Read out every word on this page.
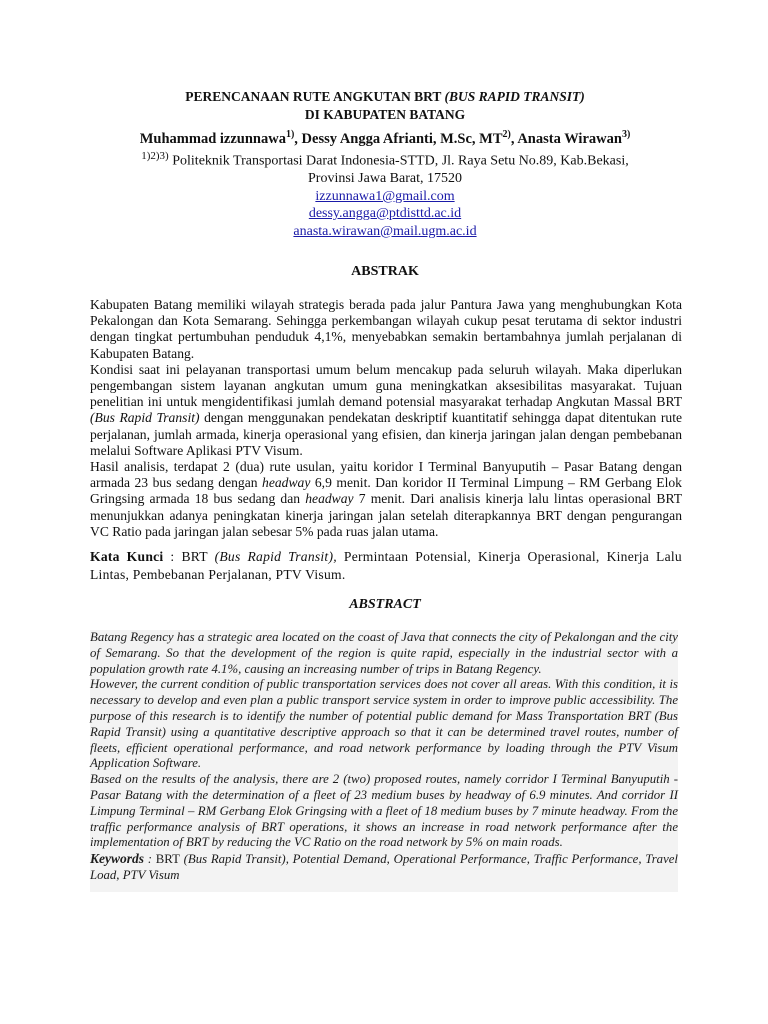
PERENCANAAN RUTE ANGKUTAN BRT (BUS RAPID TRANSIT)
DI KABUPATEN BATANG
Muhammad izzunnawa$^{1)}$, Dessy Angga Afrianti, M.Sc, MT$^{2)}$, Anasta Wirawan$^{3)}$
$^{1)2)3)}$ Politeknik Transportasi Darat Indonesia-STTD, Jl. Raya Setu No.89, Kab.Bekasi,
Provinsi Jawa Barat, 17520
izzunnawa1@gmail.com
dessy.angga@ptdisttd.ac.id
anasta.wirawan@mail.ugm.ac.id
ABSTRAK

Kabupaten Batang memiliki wilayah strategis berada pada jalur Pantura Jawa yang menghubungkan Kota Pekalongan dan Kota Semarang. Sehingga perkembangan wilayah cukup pesat terutama di sektor industri dengan tingkat pertumbuhan penduduk 4,1%, menyebabkan semakin bertambahnya jumlah perjalanan di Kabupaten Batang.

Kondisi saat ini pelayanan transportasi umum belum mencakup pada seluruh wilayah. Maka diperlukan pengembangan sistem layanan angkutan umum guna meningkatkan aksesibilitas masyarakat. Tujuan penelitian ini untuk mengidentifikasi jumlah demand potensial masyarakat terhadap Angkutan Massal BRT (Bus Rapid Transit) dengan menggunakan pendekatan deskriptif kuantitatif sehingga dapat ditentukan rute perjalanan, jumlah armada, kinerja operasional yang efisien, dan kinerja jaringan jalan dengan pembebanan melalui Software Aplikasi PTV Visum.

Hasil analisis, terdapat 2 (dua) rute usulan, yaitu koridor I Terminal Banyuputih – Pasar Batang dengan armada 23 bus sedang dengan headway 6,9 menit. Dan koridor II Terminal Limpung – RM Gerbang Elok Gringsing armada 18 bus sedang dan headway 7 menit. Dari analisis kinerja lalu lintas operasional BRT menunjukkan adanya peningkatan kinerja jaringan jalan setelah diterapkannya BRT dengan pengurangan VC Ratio pada jaringan jalan sebesar 5% pada ruas jalan utama.

Kata Kunci : BRT (Bus Rapid Transit), Permintaan Potensial, Kinerja Operasional, Kinerja Lalu Lintas, Pembebanan Perjalanan, PTV Visum.
ABSTRACT

Batang Regency has a strategic area located on the coast of Java that connects the city of Pekalongan and the city of Semarang. So that the development of the region is quite rapid, especially in the industrial sector with a population growth rate 4.1%, causing an increasing number of trips in Batang Regency.

However, the current condition of public transportation services does not cover all areas. With this condition, it is necessary to develop and even plan a public transport service system in order to improve public accessibility. The purpose of this research is to identify the number of potential public demand for Mass Transportation BRT (Bus Rapid Transit) using a quantitative descriptive approach so that it can be determined travel routes, number of fleets, efficient operational performance, and road network performance by loading through the PTV Visum Application Software.

Based on the results of the analysis, there are 2 (two) proposed routes, namely corridor I Terminal Banyuputih - Pasar Batang with the determination of a fleet of 23 medium buses by headway of 6.9 minutes. And corridor II Limpung Terminal – RM Gerbang Elok Gringsing with a fleet of 18 medium buses by 7 minute headway. From the traffic performance analysis of BRT operations, it shows an increase in road network performance after the implementation of BRT by reducing the VC Ratio on the road network by 5% on main roads.

Keywords : BRT (Bus Rapid Transit), Potential Demand, Operational Performance, Traffic Performance, Travel Load, PTV Visum
